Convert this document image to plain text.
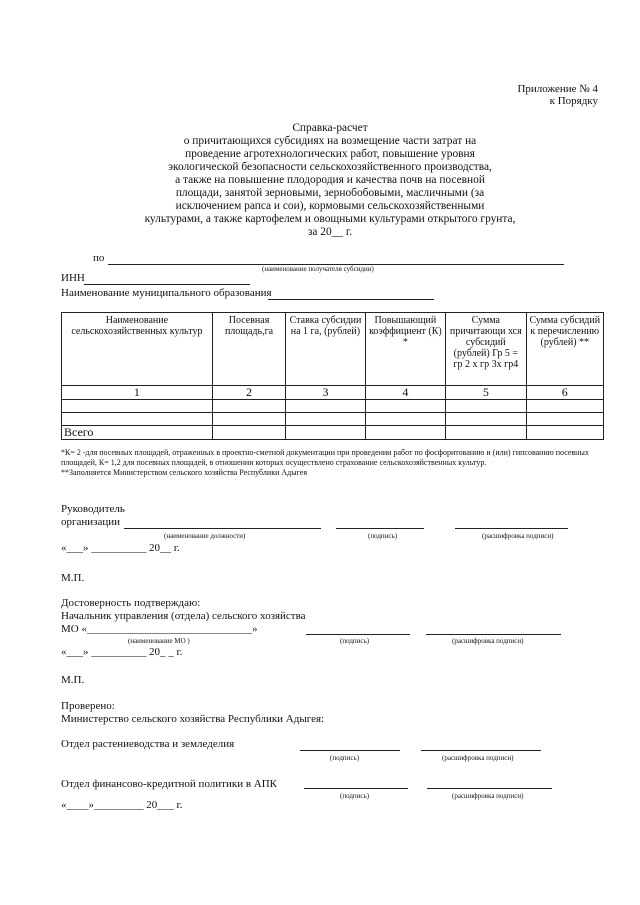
Приложение № 4
к Порядку
Справка-расчет
о причитающихся субсидиях на возмещение части затрат на
проведение агротехнологических работ, повышение уровня
экологической безопасности сельскохозяйственного производства,
а также на повышение плодородия и качества почв на посевной
площади, занятой зерновыми, зернобобовыми, масличными (за
исключением рапса и сои), кормовыми сельскохозяйственными
культурами, а также картофелем и овощными культурами открытого грунта,
за 20__ г.
по
(наименование получателя субсидии)
ИНН
Наименование муниципального образования
Наименование сельскохозяйственных культур	Посевная площадь,га	Ставка субсидии на 1 га, (рублей)	Повышающий коэффициент (К) *	Сумма причитающи хся субсидий (рублей) Гр 5 = гр 2 х гр 3х гр4	Сумма субсидий к перечислению (рублей) **
1	2	3	4	5	6

Всего					
*К= 2 -для посевных площадей, отраженных в проектно-сметной документации при проведении работ по фосфоритованию и (или) гипсованию посевных площадей, К= 1,2 для посевных площадей, в отношении которых осуществлено страхование сельскохозяйственных культур.
**Заполняется Министерством сельского хозяйства Республики Адыгея
Руководитель
организации
(наименование должности)	(подпись)	(расшифровка подписи)
«___» __________ 20__ г.
М.П.
Достоверность подтверждаю:
Начальник управления (отдела) сельского хозяйства
МО «______________________________»
(наименование МО )	(подпись)	(расшифровка подписи)
«___» __________ 20_ _ г.
М.П.
Проверено:
Министерство сельского хозяйства Республики Адыгея:
Отдел растениеводства и земледелия
(подпись)	(расшифровка подписи)
Отдел финансово-кредитной политики в АПК
(подпись)	(расшифровка подписи)
«____»_________ 20___ г.
